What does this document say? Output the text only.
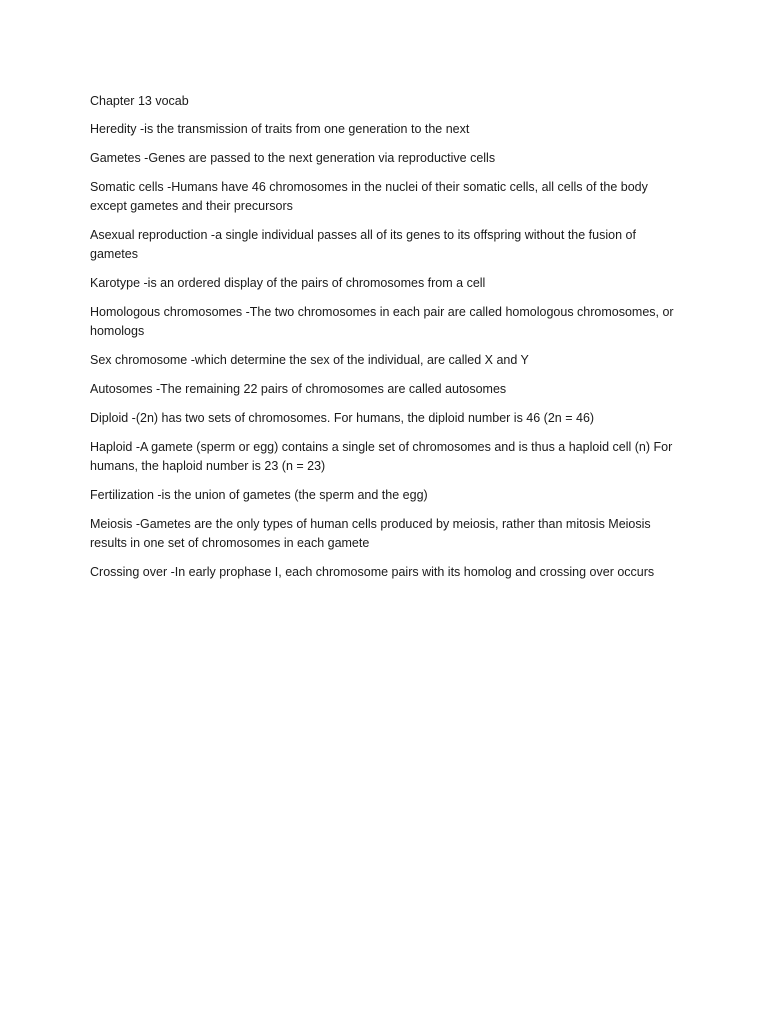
Chapter 13 vocab

Heredity -is the transmission of traits from one generation to the next

Gametes -Genes are passed to the next generation via reproductive cells

Somatic cells -Humans have 46 chromosomes in the nuclei of their somatic cells, all cells of the body except gametes and their precursors

Asexual reproduction -a single individual passes all of its genes to its offspring without the fusion of gametes

Karotype -is an ordered display of the pairs of chromosomes from a cell

Homologous chromosomes -The two chromosomes in each pair are called homologous chromosomes, or homologs

Sex chromosome -which determine the sex of the individual, are called X and Y

Autosomes -The remaining 22 pairs of chromosomes are called autosomes

Diploid -(2n) has two sets of chromosomes. For humans, the diploid number is 46 (2n = 46)

Haploid -A gamete (sperm or egg) contains a single set of chromosomes and is thus a haploid cell (n) For humans, the haploid number is 23 (n = 23)

Fertilization -is the union of gametes (the sperm and the egg)

Meiosis -Gametes are the only types of human cells produced by meiosis, rather than mitosis Meiosis results in one set of chromosomes in each gamete

Crossing over -In early prophase I, each chromosome pairs with its homolog and crossing over occurs
